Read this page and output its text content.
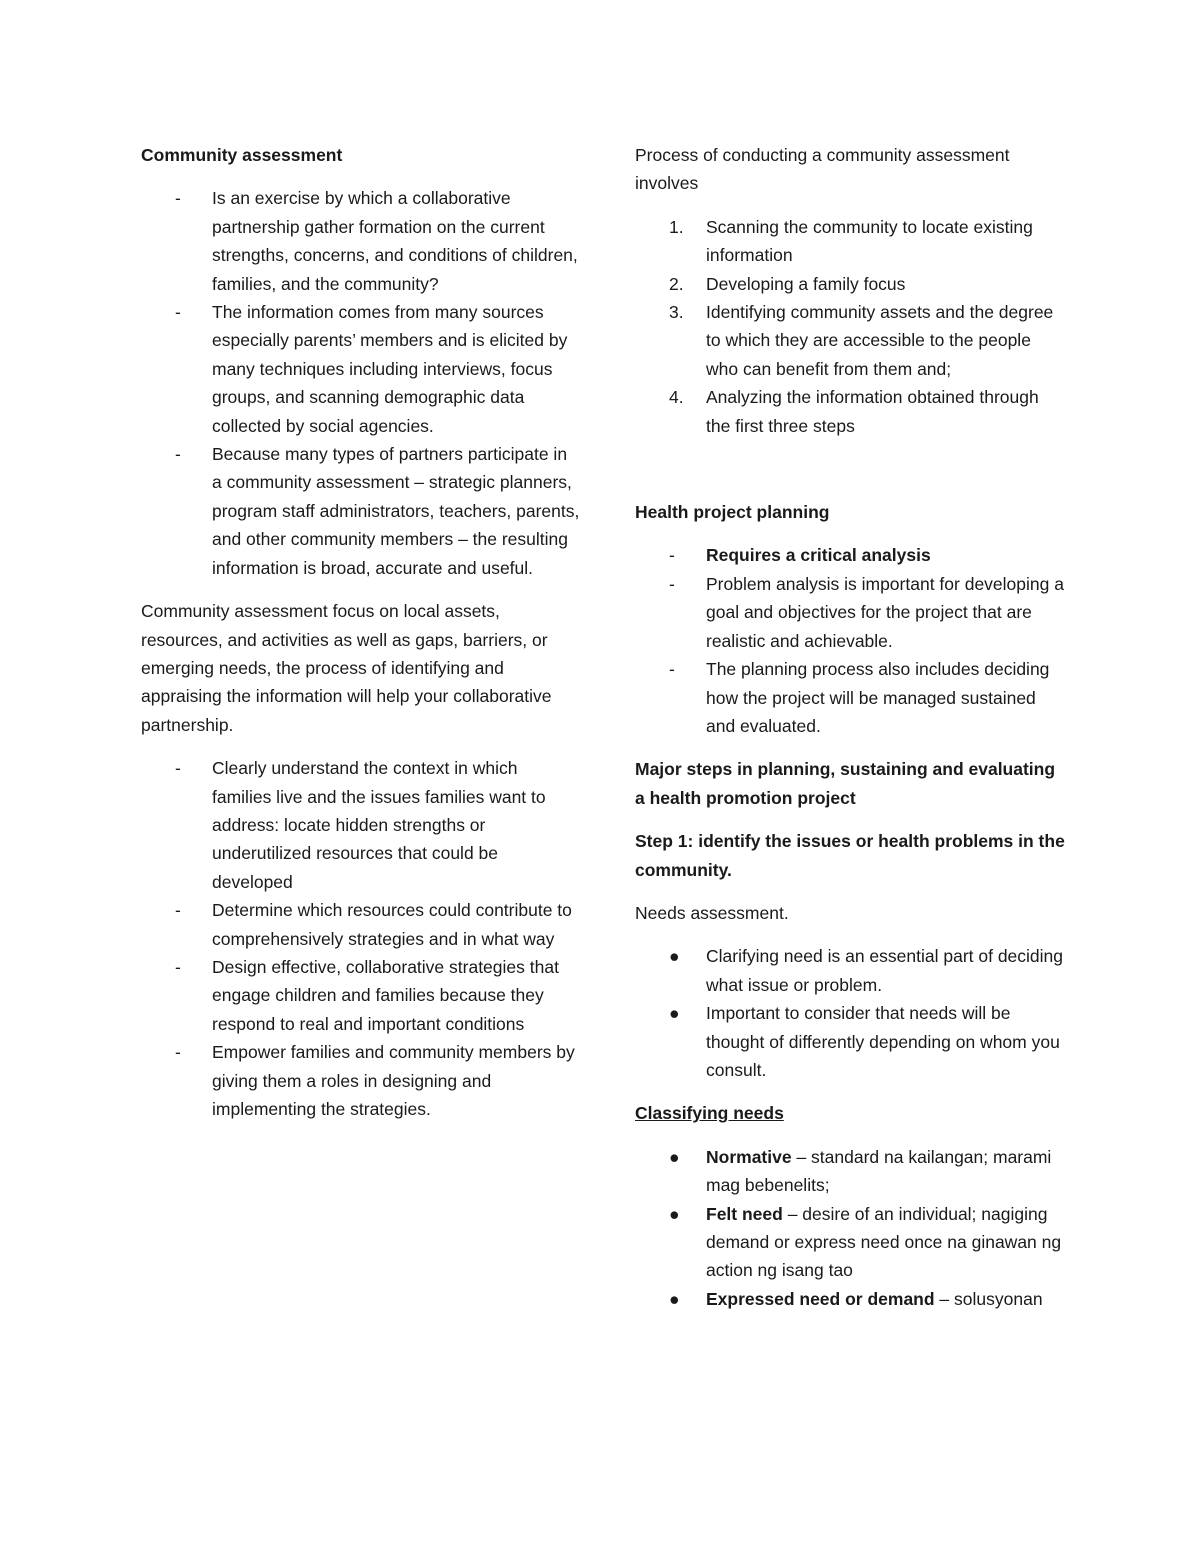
Community assessment

- Is an exercise by which a collaborative partnership gather formation on the current strengths, concerns, and conditions of children, families, and the community?
- The information comes from many sources especially parents’ members and is elicited by many techniques including interviews, focus groups, and scanning demographic data collected by social agencies.
- Because many types of partners participate in a community assessment – strategic planners, program staff administrators, teachers, parents, and other community members – the resulting information is broad, accurate and useful.

Community assessment focus on local assets, resources, and activities as well as gaps, barriers, or emerging needs, the process of identifying and appraising the information will help your collaborative partnership.

- Clearly understand the context in which families live and the issues families want to address: locate hidden strengths or underutilized resources that could be developed
- Determine which resources could contribute to comprehensively strategies and in what way
- Design effective, collaborative strategies that engage children and families because they respond to real and important conditions
- Empower families and community members by giving them a roles in designing and implementing the strategies.

Process of conducting a community assessment involves

1. Scanning the community to locate existing information
2. Developing a family focus
3. Identifying community assets and the degree to which they are accessible to the people who can benefit from them and;
4. Analyzing the information obtained through the first three steps

Health project planning

- Requires a critical analysis
- Problem analysis is important for developing a goal and objectives for the project that are realistic and achievable.
- The planning process also includes deciding how the project will be managed sustained and evaluated.

Major steps in planning, sustaining and evaluating a health promotion project

Step 1: identify the issues or health problems in the community.

Needs assessment.

● Clarifying need is an essential part of deciding what issue or problem.
● Important to consider that needs will be thought of differently depending on whom you consult.

Classifying needs

● Normative – standard na kailangan; marami mag bebenelits;
● Felt need – desire of an individual; nagiging demand or express need once na ginawan ng action ng isang tao
● Expressed need or demand – solusyonan
